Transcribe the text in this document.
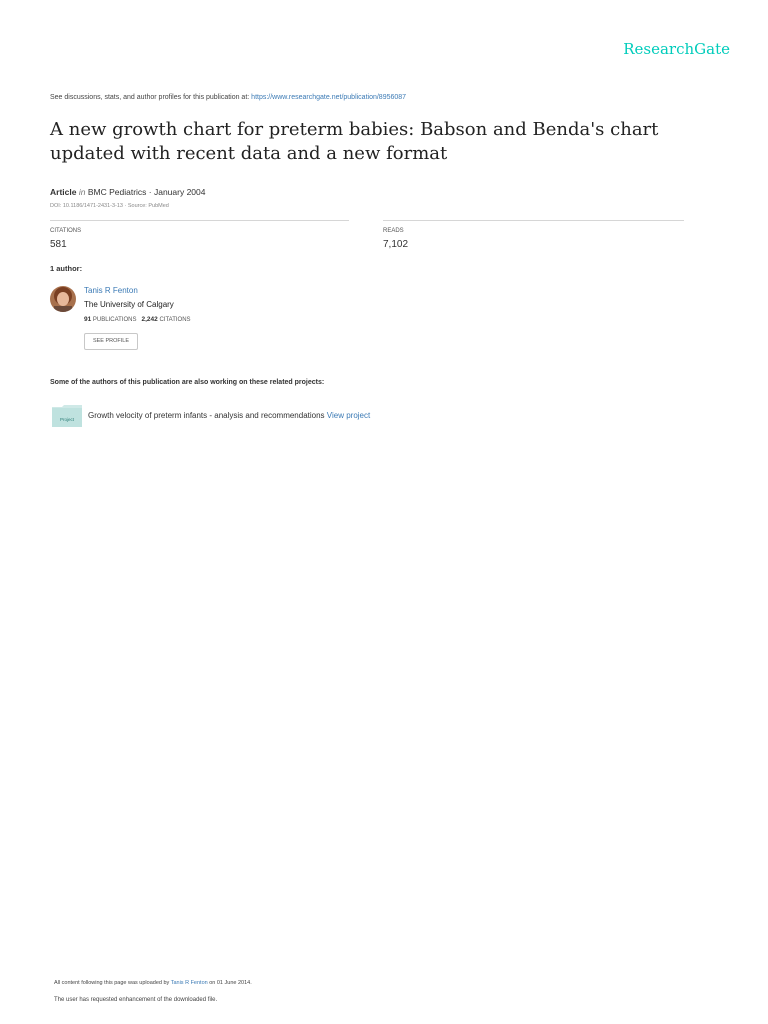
ResearchGate
See discussions, stats, and author profiles for this publication at: https://www.researchgate.net/publication/8956087
A new growth chart for preterm babies: Babson and Benda's chart updated with recent data and a new format
Article in BMC Pediatrics · January 2004
DOI: 10.1186/1471-2431-3-13 · Source: PubMed
CITATIONS
581
READS
7,102
1 author:
Tanis R Fenton
The University of Calgary
91 PUBLICATIONS 2,242 CITATIONS
SEE PROFILE
Some of the authors of this publication are also working on these related projects:
Project Growth velocity of preterm infants - analysis and recommendations View project
All content following this page was uploaded by Tanis R Fenton on 01 June 2014.
The user has requested enhancement of the downloaded file.
